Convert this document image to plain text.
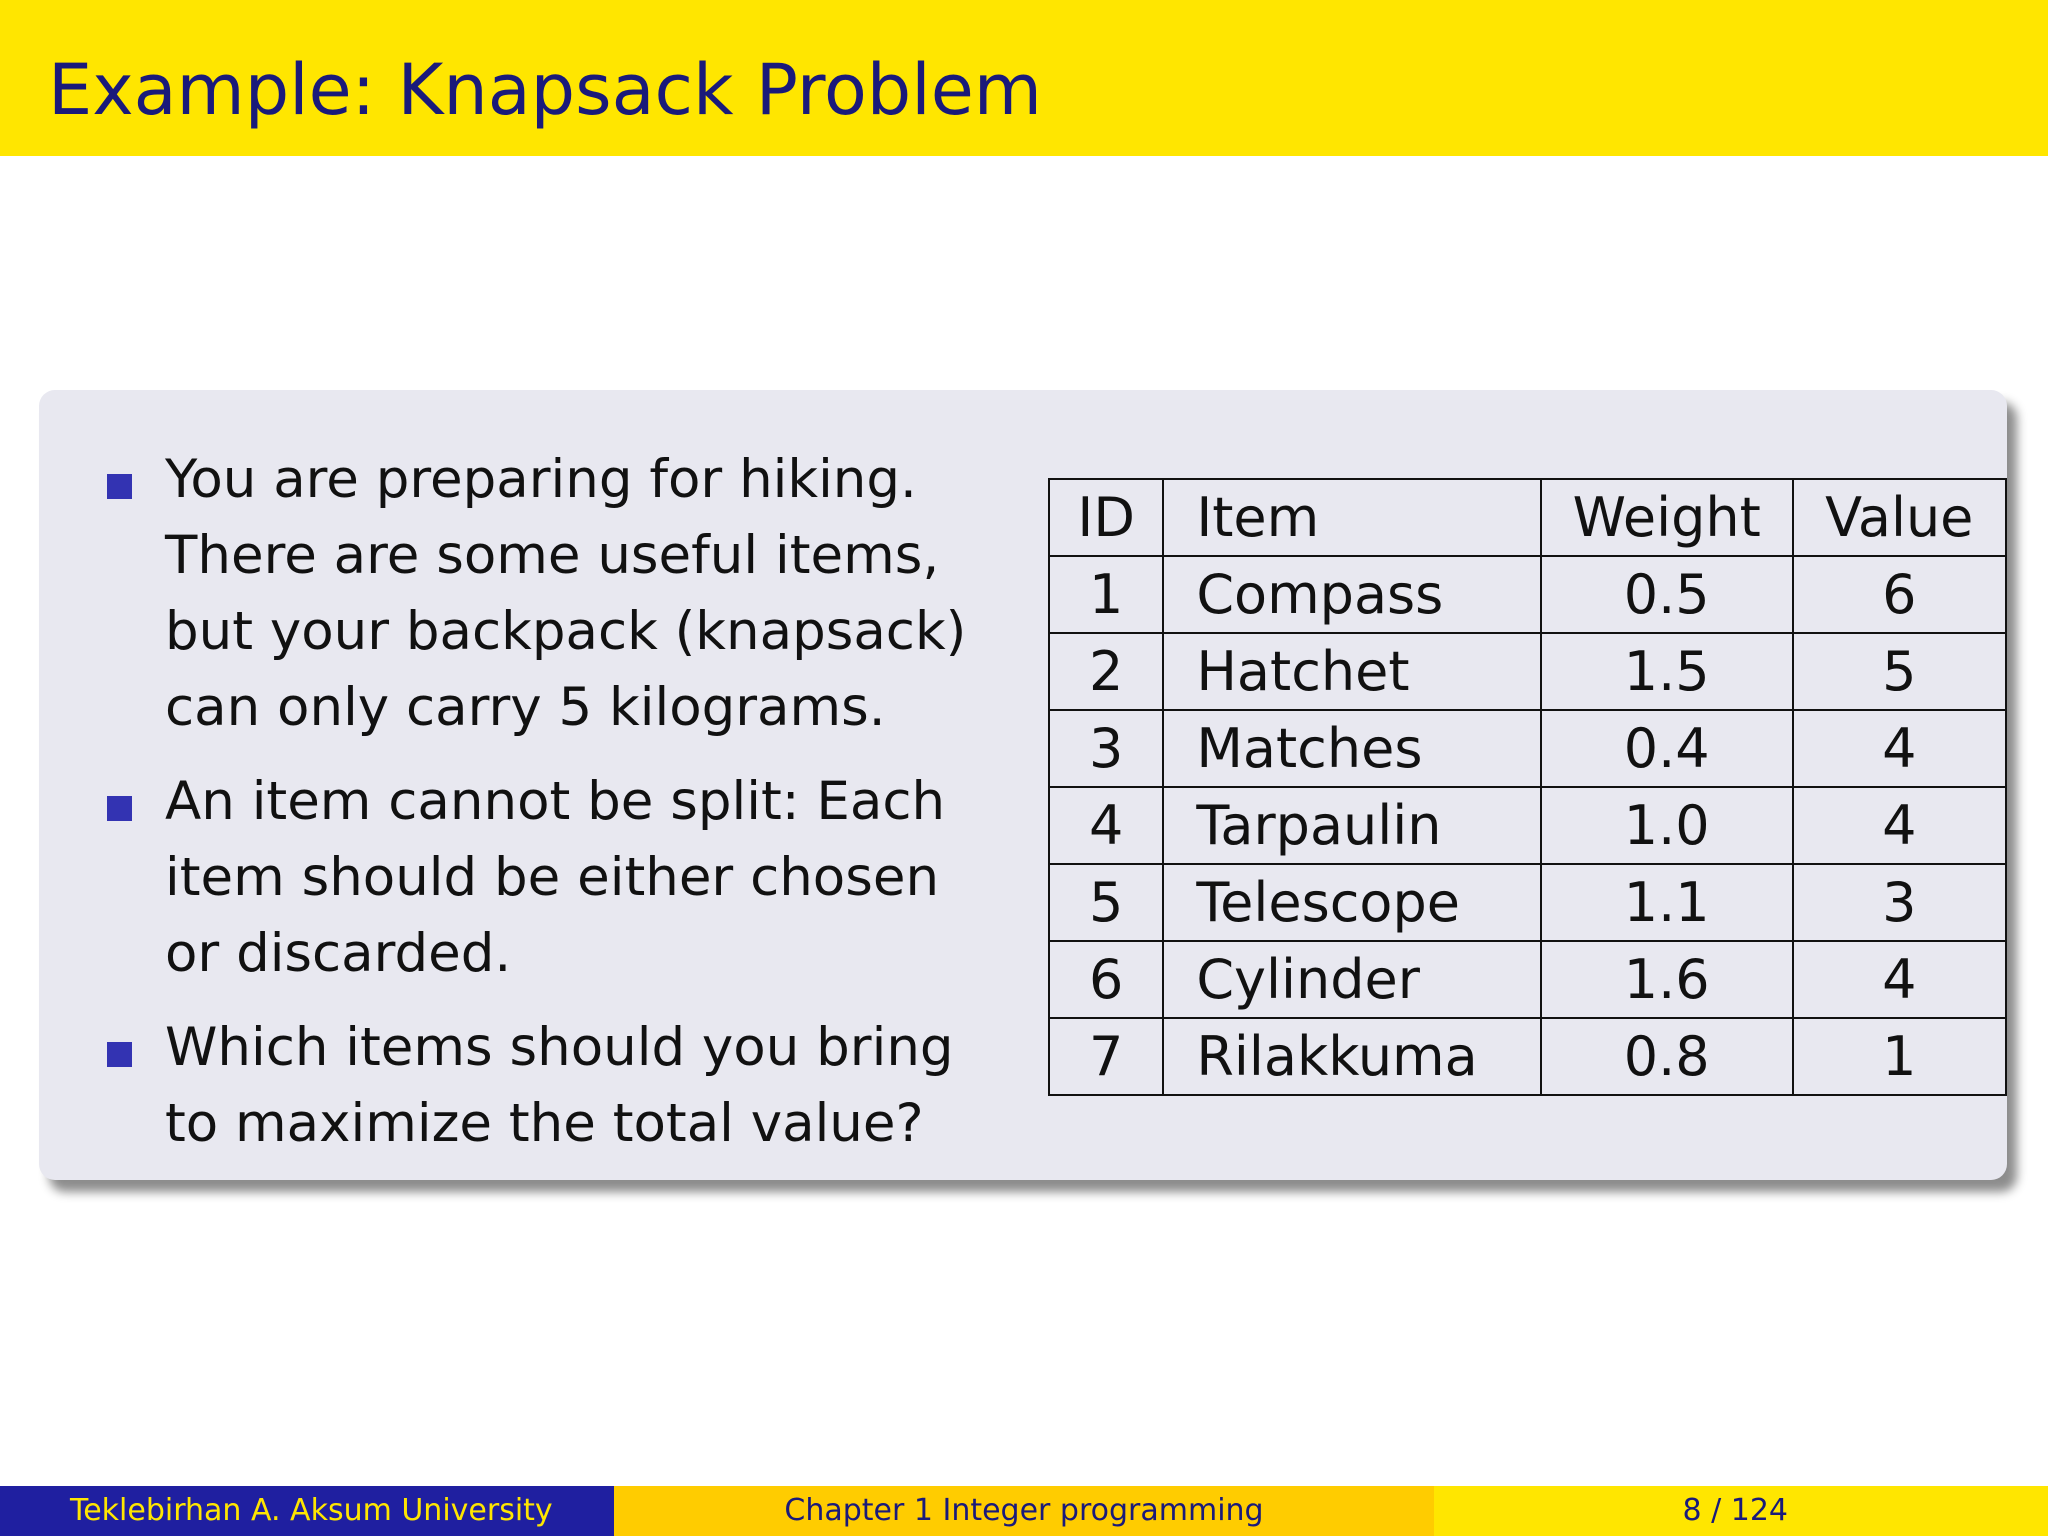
Example: Knapsack Problem

You are preparing for hiking.
There are some useful items,
but your backpack (knapsack)
can only carry 5 kilograms.

An item cannot be split: Each
item should be either chosen
or discarded.

Which items should you bring
to maximize the total value?

ID	Item	Weight	Value
1	Compass	0.5	6
2	Hatchet	1.5	5
3	Matches	0.4	4
4	Tarpaulin	1.0	4
5	Telescope	1.1	3
6	Cylinder	1.6	4
7	Rilakkuma	0.8	1
Teklebirhan A. Aksum University	Chapter 1 Integer programming	8 / 124
